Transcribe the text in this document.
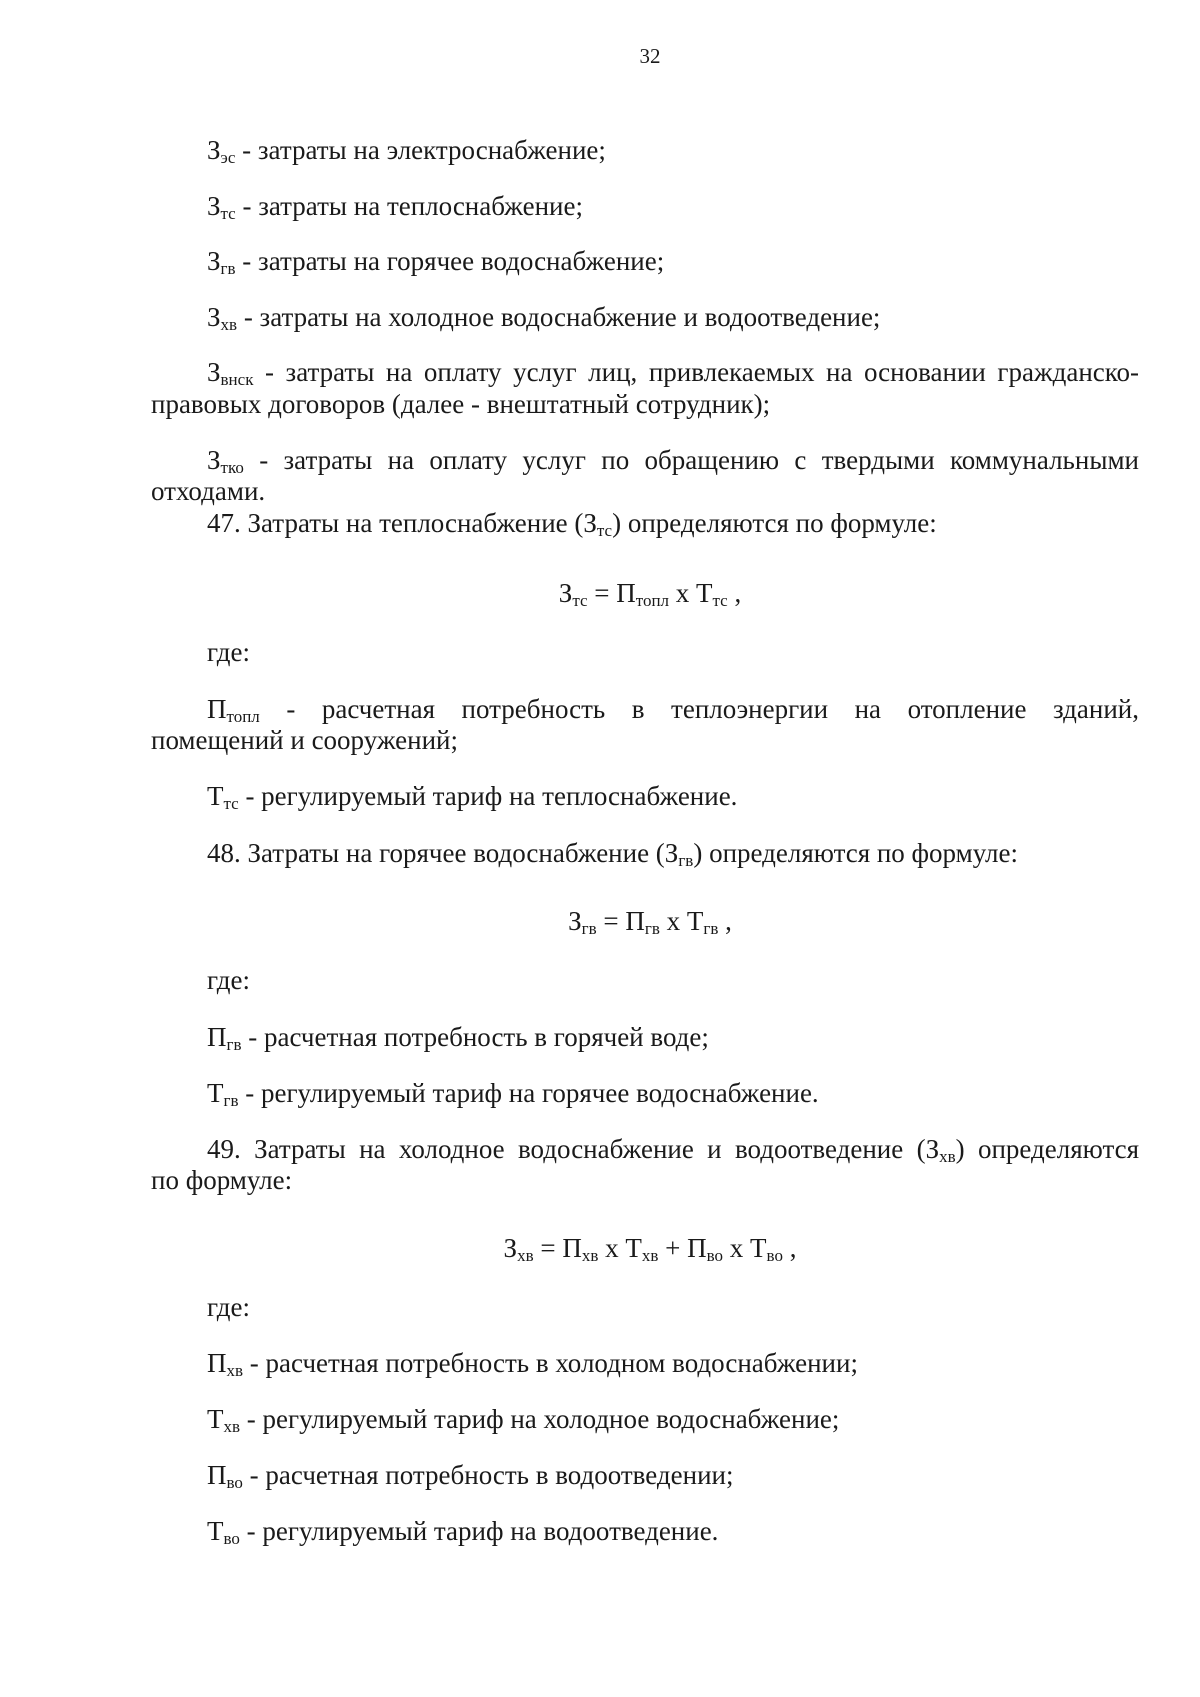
32
$З_{эс}$ - затраты на электроснабжение;
$З_{тс}$ - затраты на теплоснабжение;
$З_{гв}$ - затраты на горячее водоснабжение;
$З_{хв}$ - затраты на холодное водоснабжение и водоотведение;
$З_{внск}$ - затраты на оплату услуг лиц, привлекаемых на основании гражданско-
правовых договоров (далее - внештатный сотрудник);
$З_{тко}$ - затраты на оплату услуг по обращению с твердыми коммунальными
отходами.
47. Затраты на теплоснабжение $(З_{тс})$ определяются по формуле:
$З_{тс} = П_{топл}$ х $Т_{тс}$ ,
где:
$П_{топл}$ - расчетная потребность в теплоэнергии на отопление зданий,
помещений и сооружений;
$Т_{тс}$ - регулируемый тариф на теплоснабжение.
48. Затраты на горячее водоснабжение $(З_{гв})$ определяются по формуле:
$З_{гв} = П_{гв}$ х $Т_{гв}$ ,
где:
$П_{гв}$ - расчетная потребность в горячей воде;
$Т_{гв}$ - регулируемый тариф на горячее водоснабжение.
49. Затраты на холодное водоснабжение и водоотведение $(З_{хв})$ определяются
по формуле:
$З_{хв} = П_{хв}$ х $Т_{хв} + П_{во}$ х $Т_{во}$ ,
где:
$П_{хв}$ - расчетная потребность в холодном водоснабжении;
$Т_{хв}$ - регулируемый тариф на холодное водоснабжение;
$П_{во}$ - расчетная потребность в водоотведении;
$Т_{во}$ - регулируемый тариф на водоотведение.
